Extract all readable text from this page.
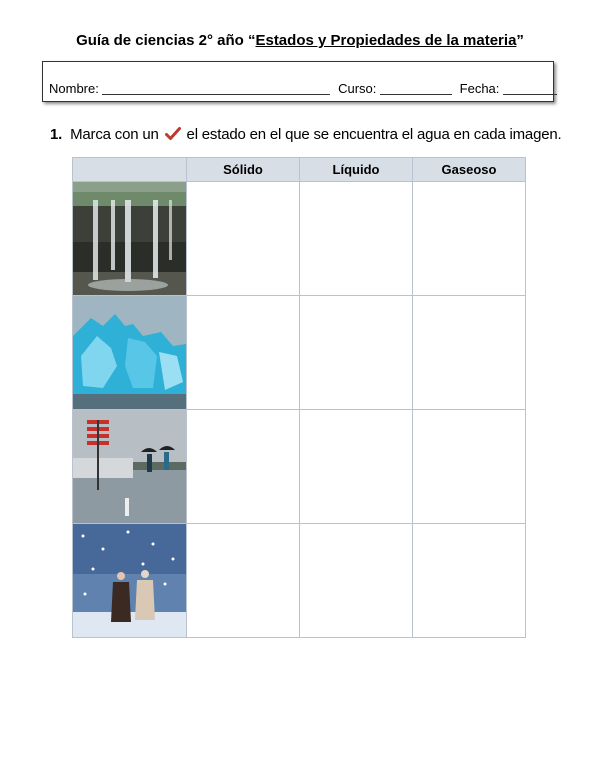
Guía de ciencias 2° año “Estados y Propiedades de la materia”
Nombre:	Curso:	Fecha:
1. Marca con un el estado en el que se encuentra el agua en cada imagen.
	Sólido	Líquido	Gaseoso
